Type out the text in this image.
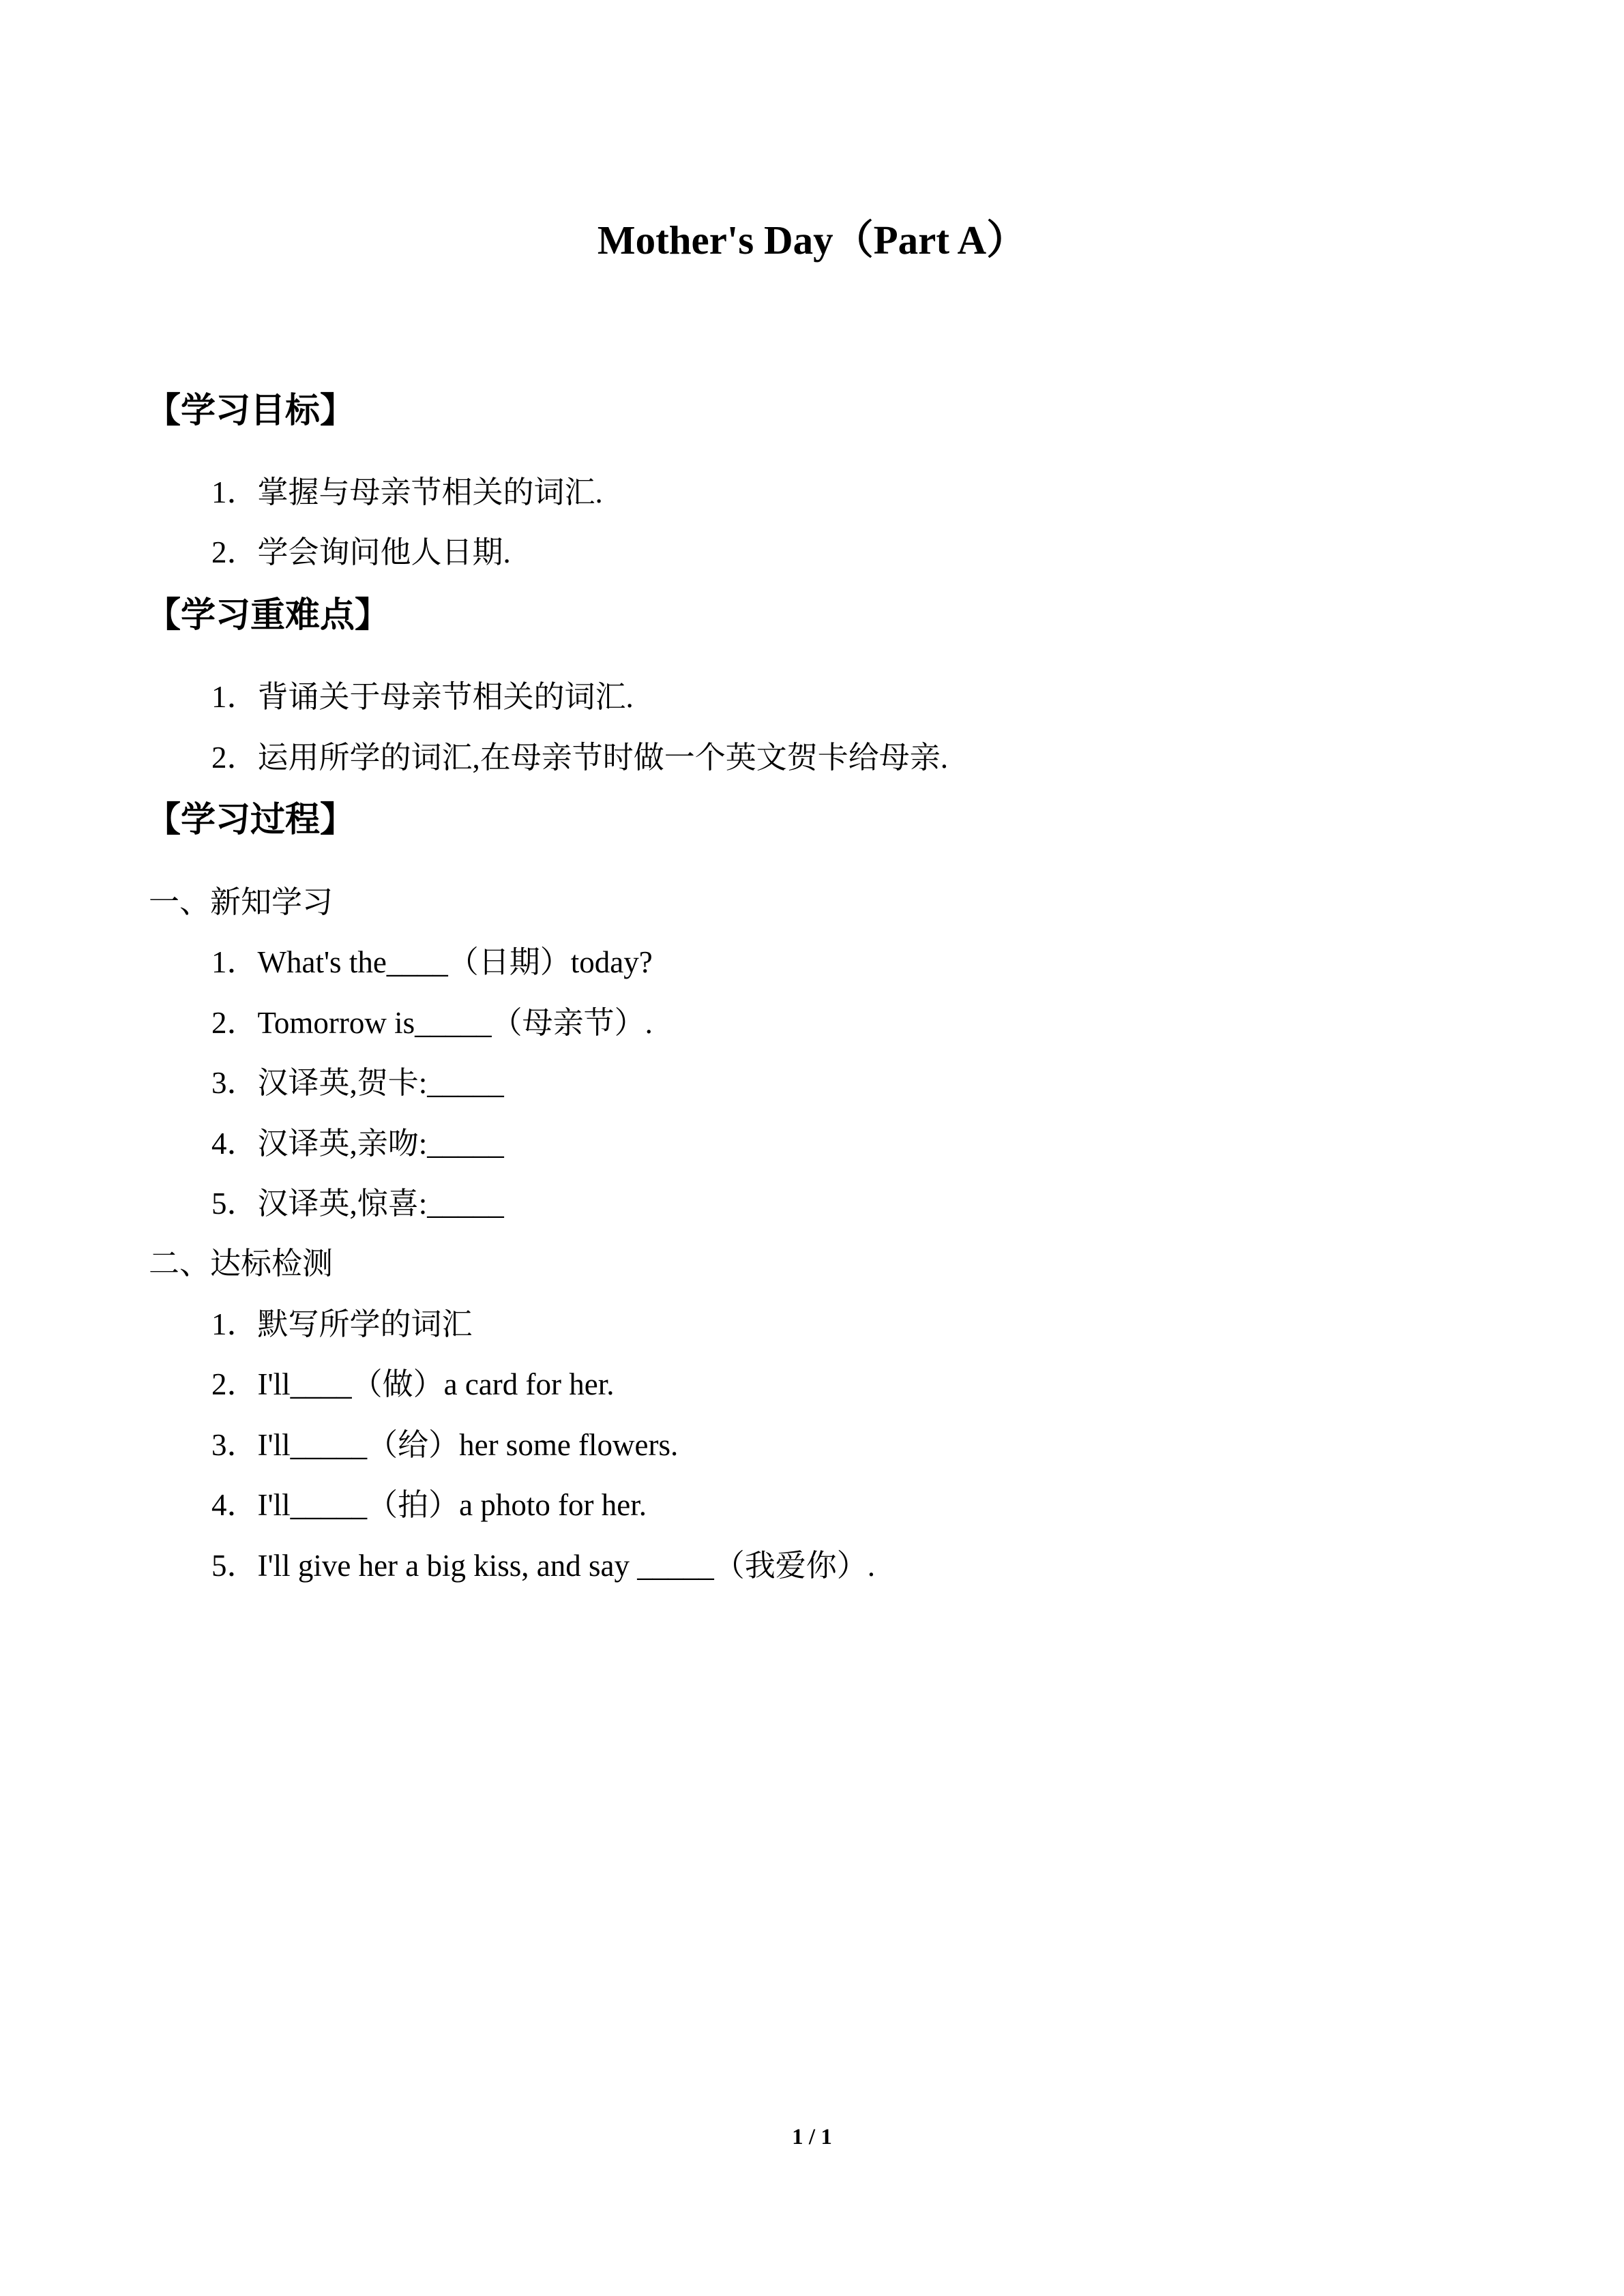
Mother's Day（Part A）
【学习目标】
1．掌握与母亲节相关的词汇.
2．学会询问他人日期.
【学习重难点】
1．背诵关于母亲节相关的词汇.
2．运用所学的词汇,在母亲节时做一个英文贺卡给母亲.
【学习过程】
一、新知学习
1．What's the____（日期）today?
2．Tomorrow is_____（母亲节）.
3．汉译英,贺卡:_____
4．汉译英,亲吻:_____
5．汉译英,惊喜:_____
二、达标检测
1．默写所学的词汇
2．I'll____（做）a card for her.
3．I'll_____（给）her some flowers.
4．I'll_____（拍）a photo for her.
5．I'll give her a big kiss, and say _____（我爱你）.
1 / 1
